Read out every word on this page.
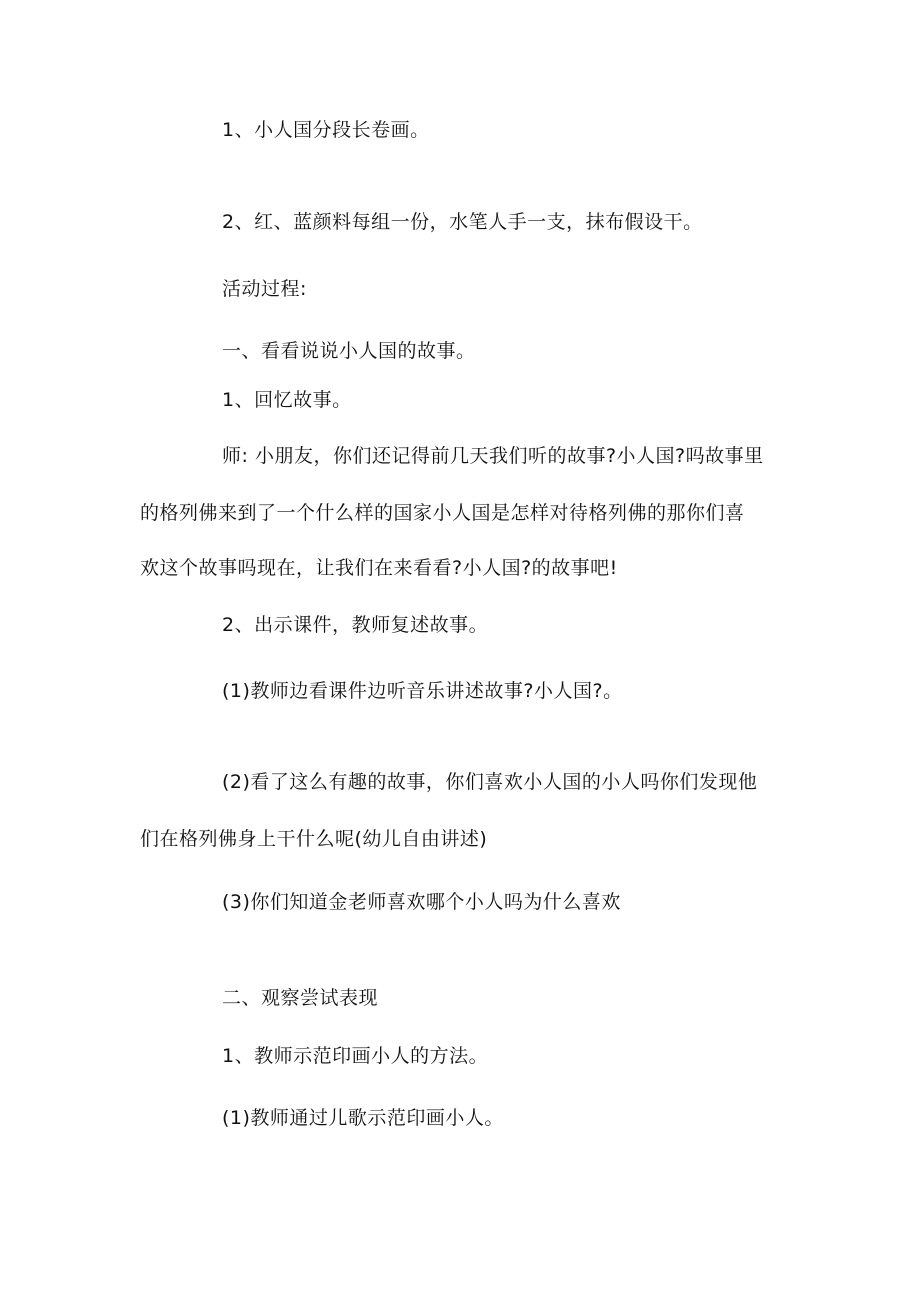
1、小人国分段长卷画。
2、红、蓝颜料每组一份，水笔人手一支，抹布假设干。
活动过程:
一、看看说说小人国的故事。
1、回忆故事。
师: 小朋友，你们还记得前几天我们听的故事?小人国?吗故事里
的格列佛来到了一个什么样的国家小人国是怎样对待格列佛的那你们喜
欢这个故事吗现在，让我们在来看看?小人国?的故事吧!
2、出示课件，教师复述故事。
(1)教师边看课件边听音乐讲述故事?小人国?。
(2)看了这么有趣的故事，你们喜欢小人国的小人吗你们发现他
们在格列佛身上干什么呢(幼儿自由讲述)
(3)你们知道金老师喜欢哪个小人吗为什么喜欢
二、观察尝试表现
1、教师示范印画小人的方法。
(1)教师通过儿歌示范印画小人。
